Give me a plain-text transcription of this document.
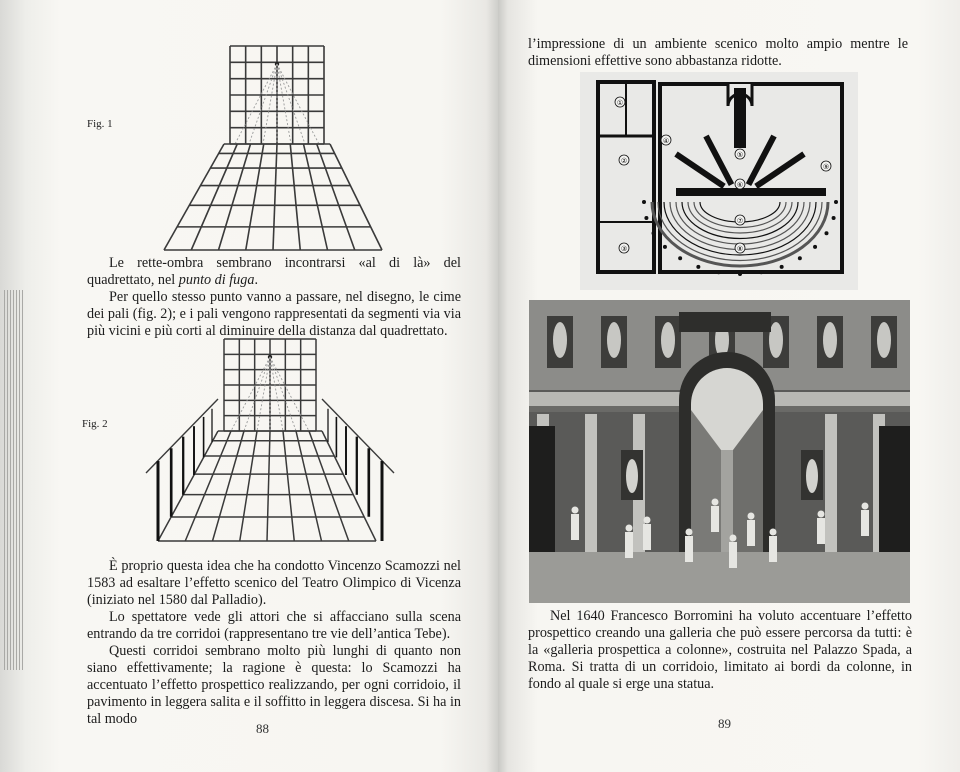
Fig. 1

Le rette-ombra sembrano incontrarsi «al di là» del quadrettato, nel punto di fuga.

Per quello stesso punto vanno a passare, nel disegno, le cime dei pali (fig. 2); e i pali vengono rappresentati da segmenti via via più vicini e più corti al diminuire della distanza dal quadrettato.

Fig. 2

È proprio questa idea che ha condotto Vincenzo Scamozzi nel 1583 ad esaltare l’effetto scenico del Teatro Olimpico di Vicenza (iniziato nel 1580 dal Palladio).

Lo spettatore vede gli attori che si affacciano sulla scena entrando da tre corridoi (rappresentano tre vie dell’antica Tebe).

Questi corridoi sembrano molto più lunghi di quanto non siano effettivamente; la ragione è questa: lo Scamozzi ha accentuato l’effetto prospettico realizzando, per ogni corridoio, il pavimento in leggera salita e il soffitto in leggera discesa. Si ha in tal modo

88

l’impressione di un ambiente scenico molto ampio mentre le dimensioni effettive sono abbastanza ridotte.

Nel 1640 Francesco Borromini ha voluto accentuare l’effetto prospettico creando una galleria che può essere percorsa da tutti: è la «galleria prospettica a colonne», costruita nel Palazzo Spada, a Roma. Si tratta di un corridoio, limitato ai bordi da colonne, in fondo al quale si erge una statua.

89
①
②
③
④
⑤
⑥
⑦
⑧
⑨
